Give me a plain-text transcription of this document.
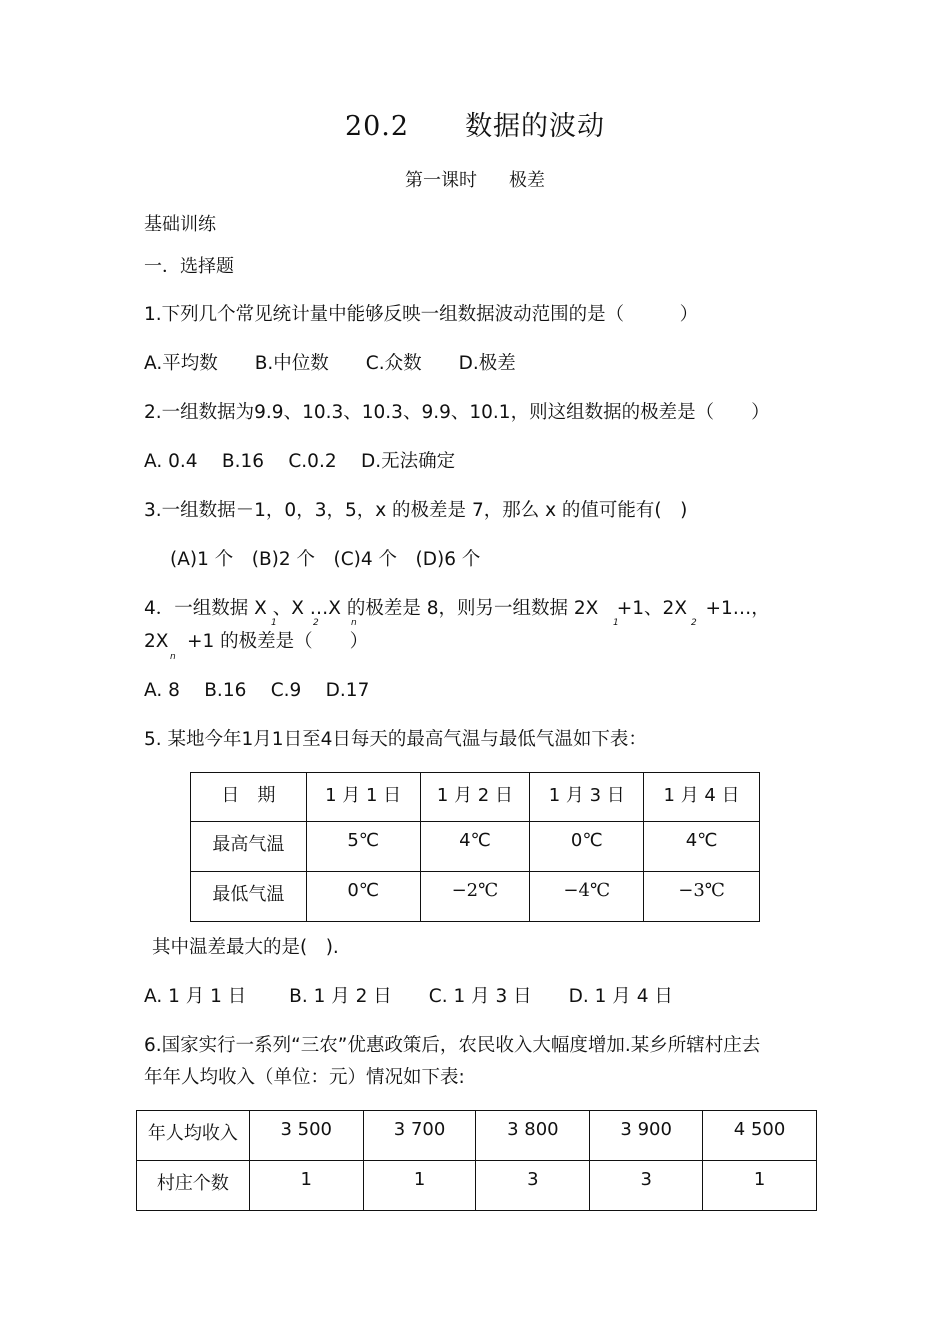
20.2 数据的波动
第一课时 极差
基础训练
一．选择题
1.下列几个常见统计量中能够反映一组数据波动范围的是（　　　）
A.平均数　　B.中位数　　C.众数　　D.极差
2.一组数据为9.9、10.3、10.3、9.9、10.1，则这组数据的极差是（　　）
A. 0.4　 B.16　 C.0.2　 D.无法确定
3.一组数据－1，0，3，5，x 的极差是 7，那么 x 的值可能有(　)
(A)1 个　(B)2 个　(C)4 个　(D)6 个
4．一组数据 X 、X …X 的极差是 8，则另一组数据 2X　+1、2X　+1…，
1	2	n	1	2
2X　+1 的极差是（　　）
n
A. 8　 B.16　 C.9　 D.17
5. 某地今年1月1日至4日每天的最高气温与最低气温如下表：
日　期	1 月 1 日	1 月 2 日	1 月 3 日	1 月 4 日
最高气温	5℃	4℃	0℃	4℃
最低气温	0℃	−2℃	−4℃	−3℃
其中温差最大的是(　).
A. 1 月 1 日　　 B. 1 月 2 日　　C. 1 月 3 日　　D. 1 月 4 日
6.国家实行一系列“三农”优惠政策后，农民收入大幅度增加.某乡所辖村庄去
年年人均收入（单位：元）情况如下表:
年人均收入	3 500	3 700	3 800	3 900	4 500
村庄个数	1	1	3	3	1
